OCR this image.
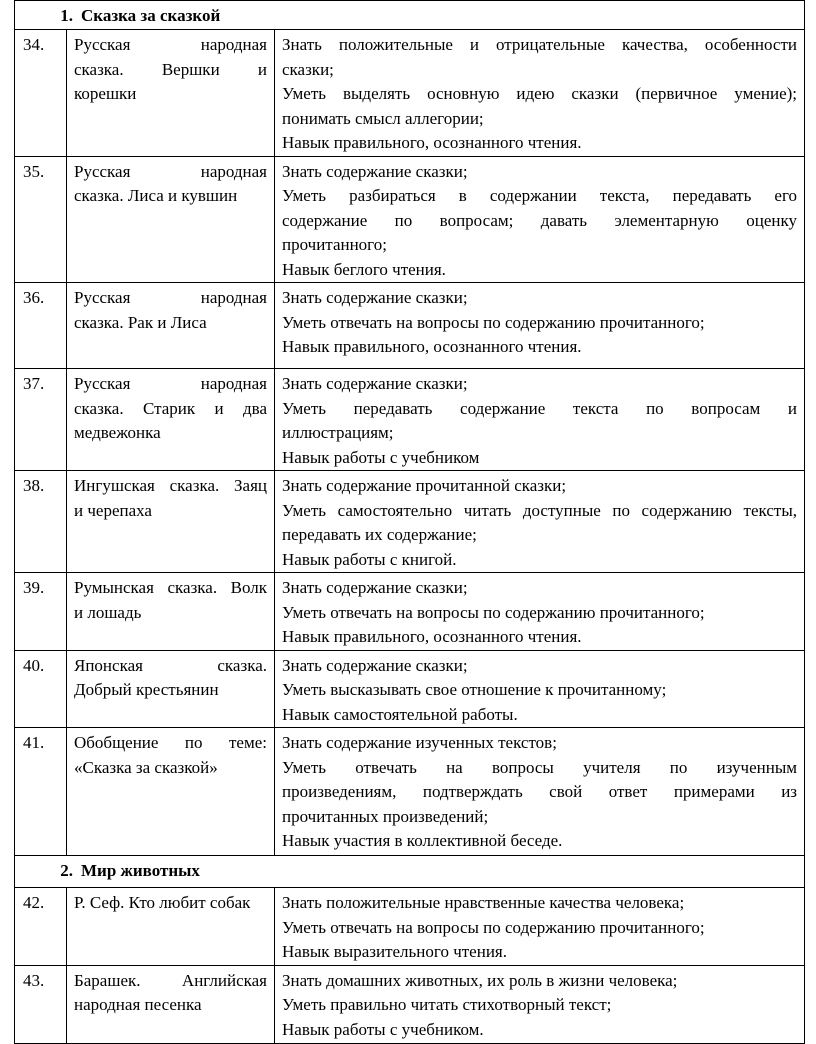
1. Сказка за сказкой		
34.	Русская народная
сказка. Вершки и
корешки	Знать положительные и отрицательные качества, особенности
сказки;
Уметь выделять основную идею сказки (первичное умение);
понимать смысл аллегории;
Навык правильного, осознанного чтения.

35.	Русская народная
сказка. Лиса и кувшин	Знать содержание сказки;
Уметь разбираться в содержании текста, передавать его
содержание по вопросам; давать элементарную оценку
прочитанного;
Навык беглого чтения.

36.	Русская народная
сказка. Рак и Лиса	Знать содержание сказки;
Уметь отвечать на вопросы по содержанию прочитанного;
Навык правильного, осознанного чтения.

37.	Русская народная
сказка. Старик и два
медвежонка	Знать содержание сказки;
Уметь передавать содержание текста по вопросам и
иллюстрациям;
Навык работы с учебником

38.	Ингушская сказка. Заяц
и черепаха	Знать содержание прочитанной сказки;
Уметь самостоятельно читать доступные по содержанию тексты,
передавать их содержание;
Навык работы с книгой.

39.	Румынская сказка. Волк
и лошадь	Знать содержание сказки;
Уметь отвечать на вопросы по содержанию прочитанного;
Навык правильного, осознанного чтения.

40.	Японская сказка.
Добрый крестьянин	Знать содержание сказки;
Уметь высказывать свое отношение к прочитанному;
Навык самостоятельной работы.

41.	Обобщение по теме:
«Сказка за сказкой»	Знать содержание изученных текстов;
Уметь отвечать на вопросы учителя по изученным
произведениям, подтверждать свой ответ примерами из
прочитанных произведений;
Навык участия в коллективной беседе.

2. Мир животных		
42.	Р. Сеф. Кто любит собак	Знать положительные нравственные качества человека;
Уметь отвечать на вопросы по содержанию прочитанного;
Навык выразительного чтения.

43.	Барашек. Английская
народная песенка	Знать домашних животных, их роль в жизни человека;
Уметь правильно читать стихотворный текст;
Навык работы с учебником.
